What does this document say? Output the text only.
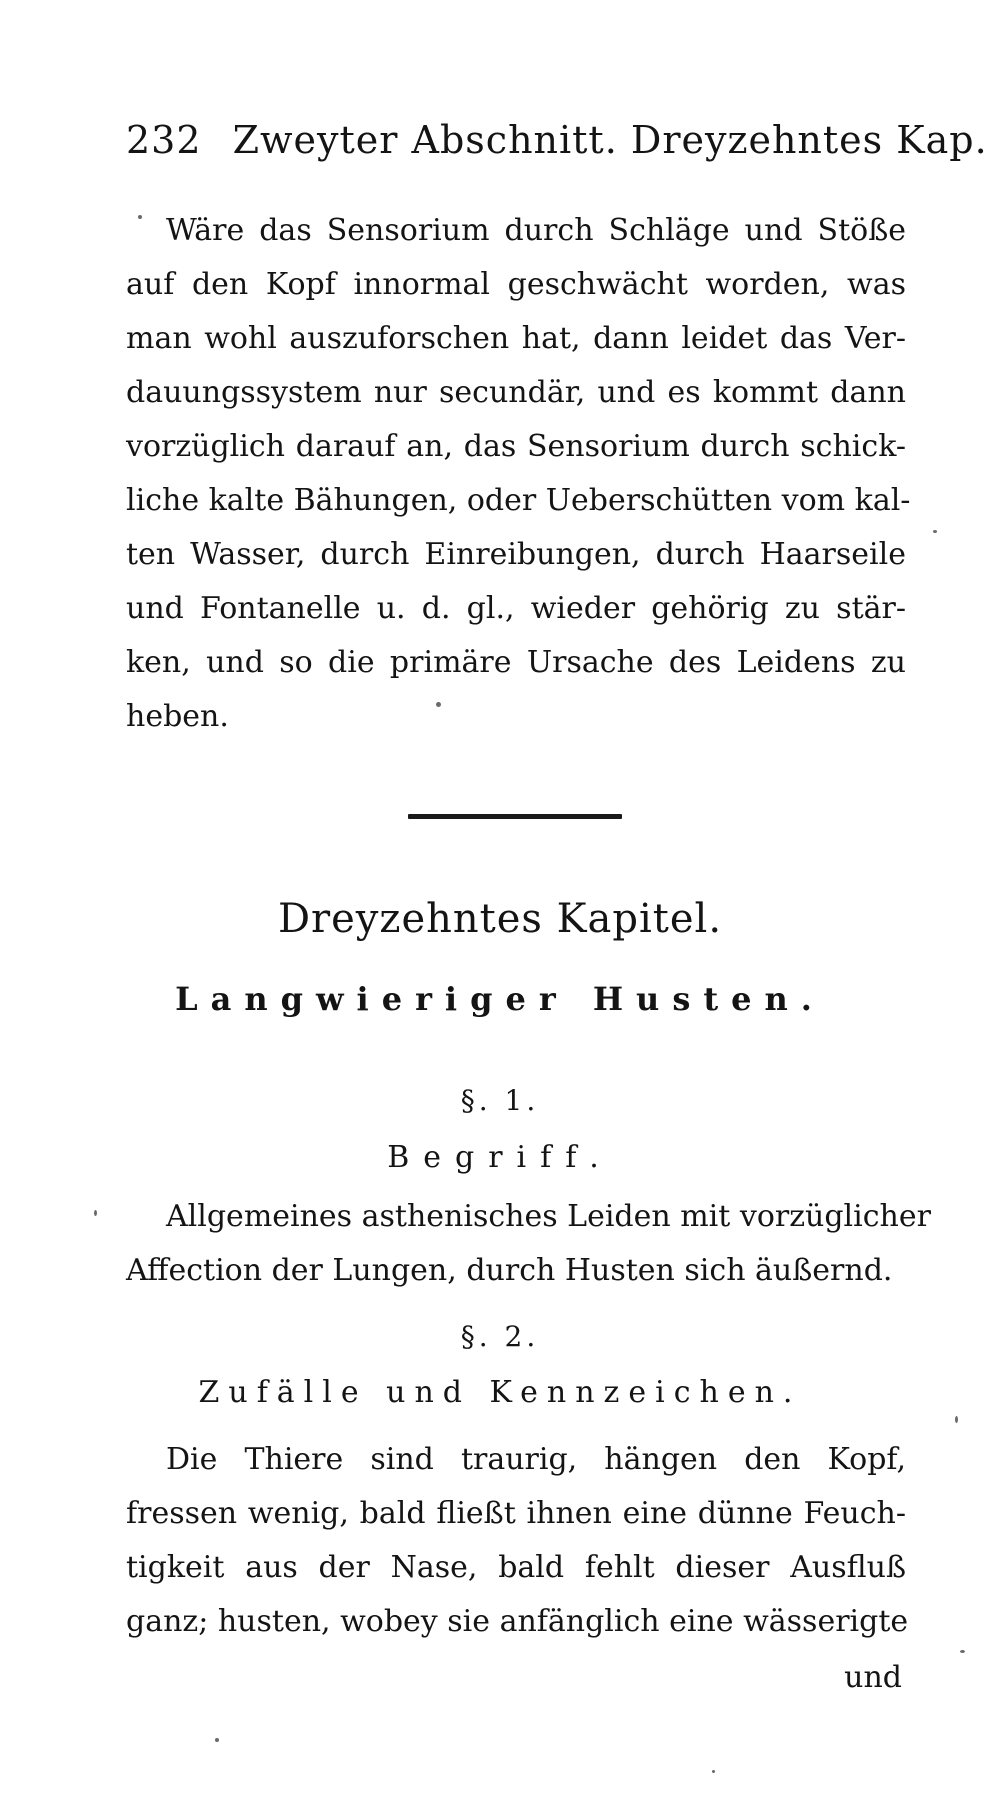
232 Zweyter Abschnitt. Dreyzehntes Kap.
Wäre das Sensorium durch Schläge und Stöße
auf den Kopf innormal geschwächt worden, was
man wohl auszuforschen hat, dann leidet das Ver-
dauungssystem nur secundär, und es kommt dann
vorzüglich darauf an, das Sensorium durch schick-
liche kalte Bähungen, oder Ueberschütten vom kal-
ten Wasser, durch Einreibungen, durch Haarseile
und Fontanelle u. d. gl., wieder gehörig zu stär-
ken, und so die primäre Ursache des Leidens zu
heben.
Dreyzehntes Kapitel.
Langwieriger Husten.
§. 1.
Begriff.
Allgemeines asthenisches Leiden mit vorzüglicher
Affection der Lungen, durch Husten sich äußernd.
§. 2.
Zufälle und Kennzeichen.
Die Thiere sind traurig, hängen den Kopf,
fressen wenig, bald fließt ihnen eine dünne Feuch-
tigkeit aus der Nase, bald fehlt dieser Ausfluß
ganz; husten, wobey sie anfänglich eine wässerigte
und
